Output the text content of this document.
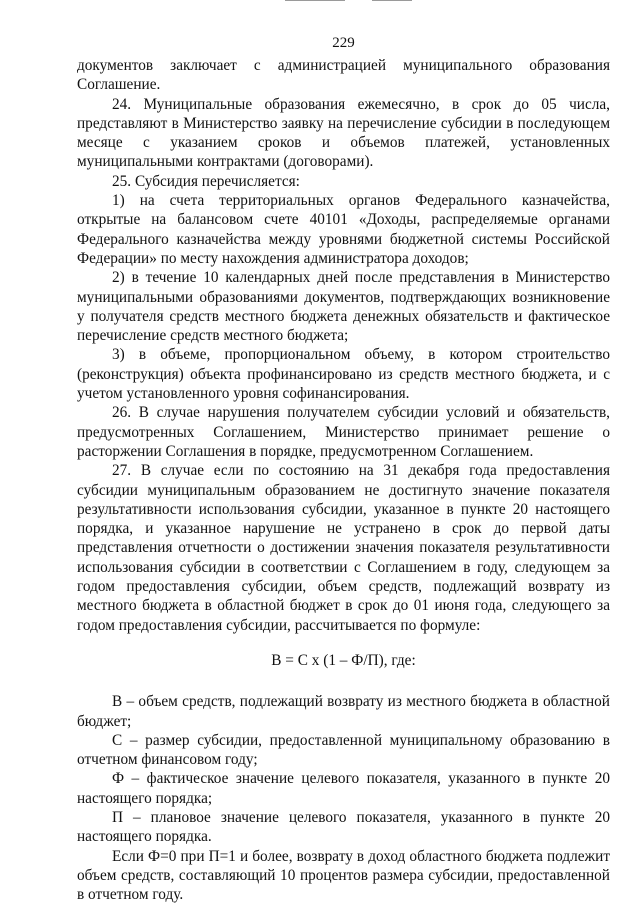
229

документов заключает с администрацией муниципального образования Соглашение.

24. Муниципальные образования ежемесячно, в срок до 05 числа, представляют в Министерство заявку на перечисление субсидии в последующем месяце с указанием сроков и объемов платежей, установленных муниципальными контрактами (договорами).

25. Субсидия перечисляется:

1) на счета территориальных органов Федерального казначейства, открытые на балансовом счете 40101 «Доходы, распределяемые органами Федерального казначейства между уровнями бюджетной системы Российской Федерации» по месту нахождения администратора доходов;

2) в течение 10 календарных дней после представления в Министерство муниципальными образованиями документов, подтверждающих возникновение у получателя средств местного бюджета денежных обязательств и фактическое перечисление средств местного бюджета;

3) в объеме, пропорциональном объему, в котором строительство (реконструкция) объекта профинансировано из средств местного бюджета, и с учетом установленного уровня софинансирования.

26. В случае нарушения получателем субсидии условий и обязательств, предусмотренных Соглашением, Министерство принимает решение о расторжении Соглашения в порядке, предусмотренном Соглашением.

27. В случае если по состоянию на 31 декабря года предоставления субсидии муниципальным образованием не достигнуто значение показателя результативности использования субсидии, указанное в пункте 20 настоящего порядка, и указанное нарушение не устранено в срок до первой даты представления отчетности о достижении значения показателя результативности использования субсидии в соответствии с Соглашением в году, следующем за годом предоставления субсидии, объем средств, подлежащий возврату из местного бюджета в областной бюджет в срок до 01 июня года, следующего за годом предоставления субсидии, рассчитывается по формуле:

В = С х (1 – Ф/П), где:

В – объем средств, подлежащий возврату из местного бюджета в областной бюджет;

С – размер субсидии, предоставленной муниципальному образованию в отчетном финансовом году;

Ф – фактическое значение целевого показателя, указанного в пункте 20 настоящего порядка;

П – плановое значение целевого показателя, указанного в пункте 20 настоящего порядка.

Если Ф=0 при П=1 и более, возврату в доход областного бюджета подлежит объем средств, составляющий 10 процентов размера субсидии, предоставленной в отчетном году.
